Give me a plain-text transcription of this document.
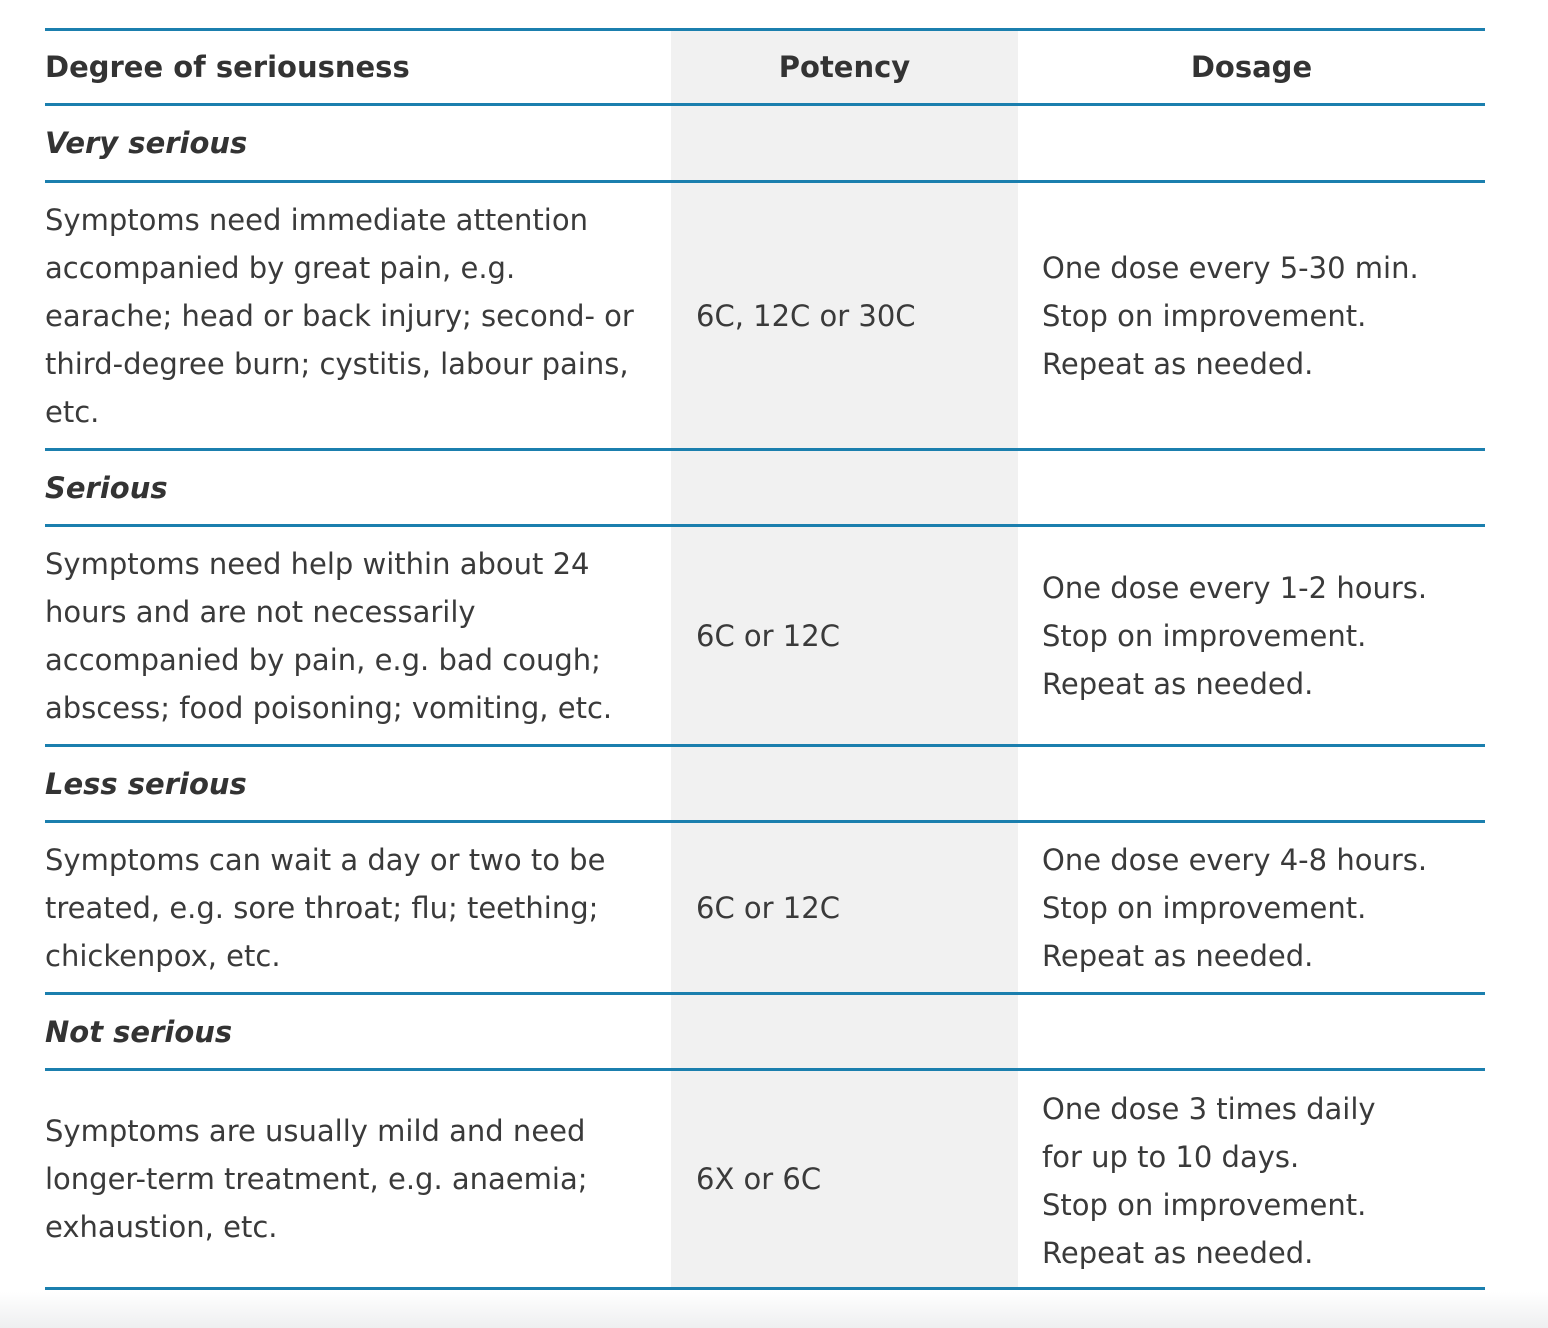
Degree of seriousness	Potency	Dosage
Very serious
Symptoms need immediate attention
accompanied by great pain, e.g.
earache; head or back injury; second- or
third-degree burn; cystitis, labour pains,
etc.
6C, 12C or 30C
One dose every 5-30 min.
Stop on improvement.
Repeat as needed.
Serious
Symptoms need help within about 24
hours and are not necessarily
accompanied by pain, e.g. bad cough;
abscess; food poisoning; vomiting, etc.
6C or 12C
One dose every 1-2 hours.
Stop on improvement.
Repeat as needed.
Less serious
Symptoms can wait a day or two to be
treated, e.g. sore throat; flu; teething;
chickenpox, etc.
6C or 12C
One dose every 4-8 hours.
Stop on improvement.
Repeat as needed.
Not serious
Symptoms are usually mild and need
longer-term treatment, e.g. anaemia;
exhaustion, etc.
6X or 6C
One dose 3 times daily
for up to 10 days.
Stop on improvement.
Repeat as needed.
